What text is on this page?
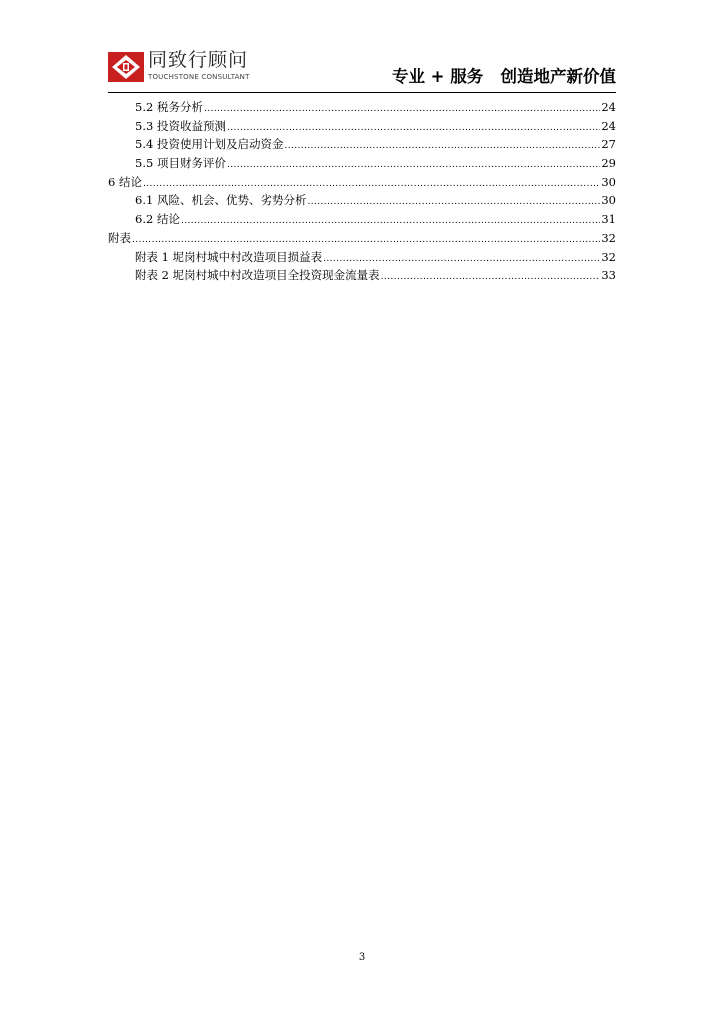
同致行顾问
TOUCHSTONE CONSULTANT	专业 + 服务   创造地产新价值
5.2 税务分析 .....	24
5.3 投资收益预测 .....	24
5.4 投资使用计划及启动资金 .....	27
5.5 项目财务评价 .....	29
6 结论 .....	30
6.1 风险、机会、优势、劣势分析 .....	30
6.2 结论 .....	31
附表 .....	32
附表 1 坭岗村城中村改造项目损益表 .....	32
附表 2 坭岗村城中村改造项目全投资现金流量表 .....	33
3
